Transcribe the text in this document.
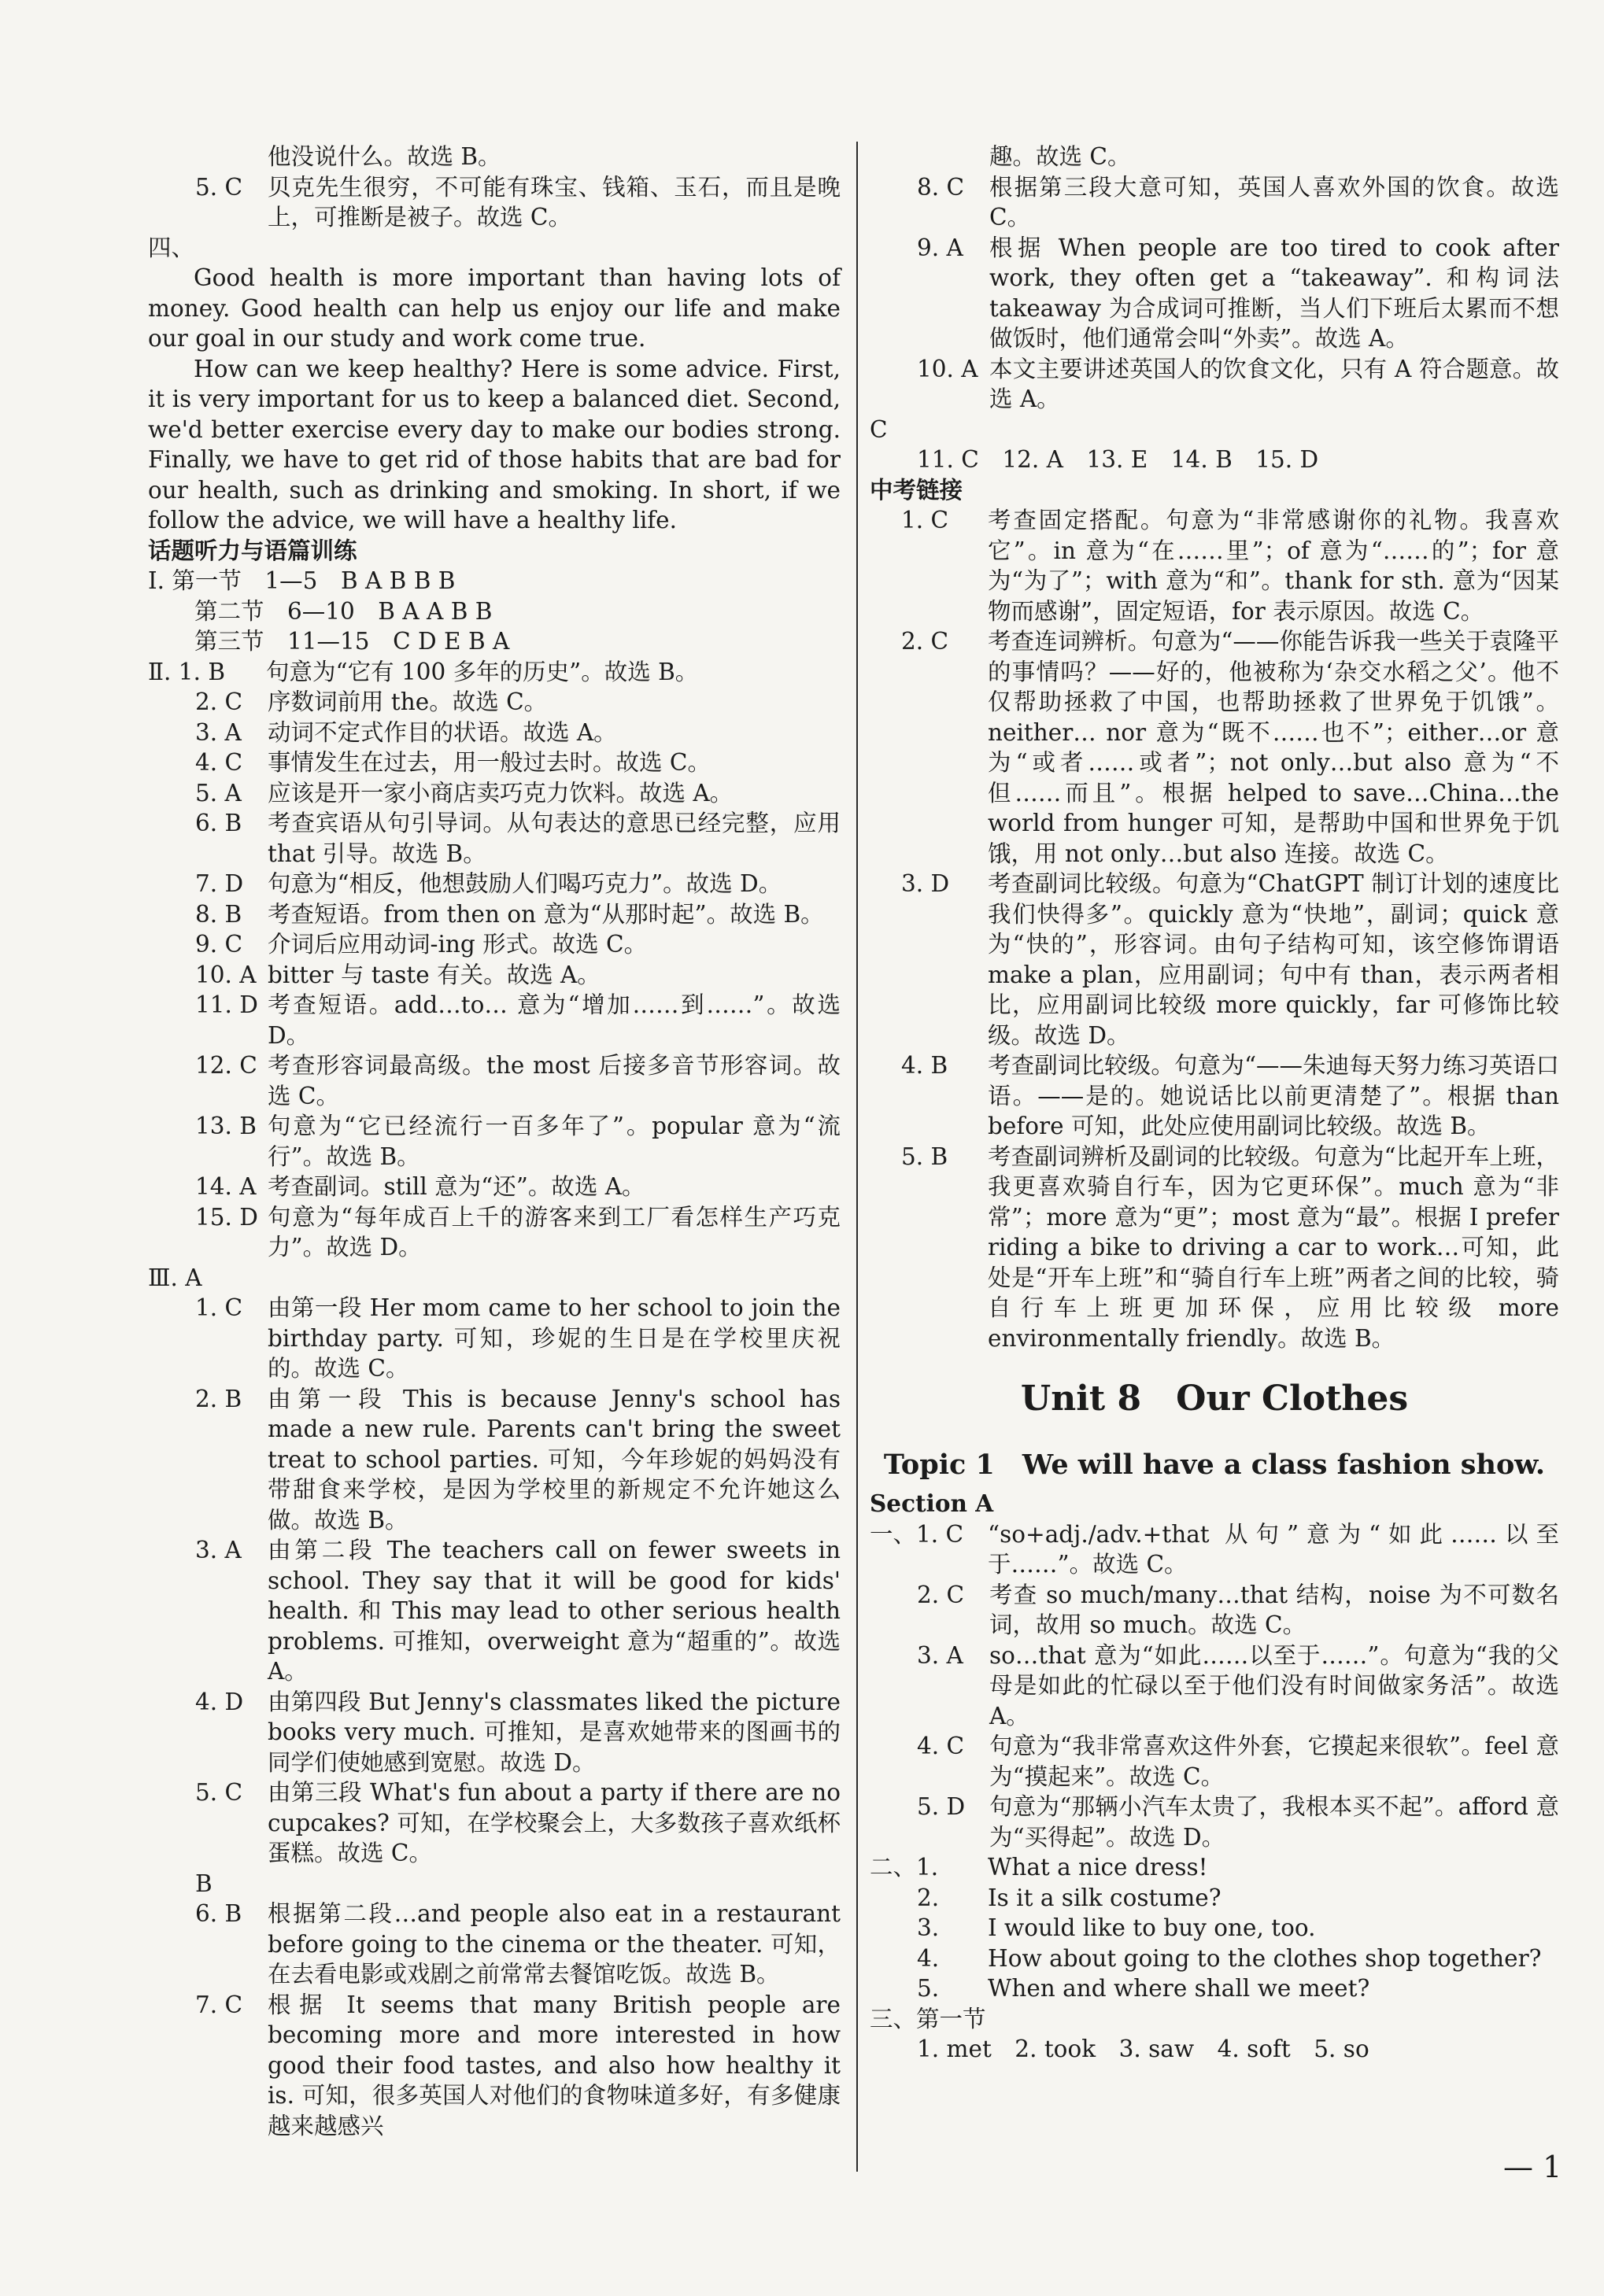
他没说什么。故选 B。
5. C	贝克先生很穷，不可能有珠宝、钱箱、玉石，而且是晚上，可推断是被子。故选 C。
四、
Good health is more important than having lots of money. Good health can help us enjoy our life and make our goal in our study and work come true.
How can we keep healthy? Here is some advice. First, it is very important for us to keep a balanced diet. Second, we'd better exercise every day to make our bodies strong. Finally, we have to get rid of those habits that are bad for our health, such as drinking and smoking. In short, if we follow the advice, we will have a healthy life.
话题听力与语篇训练
Ⅰ. 第一节　1—5　B A B B B
　　第二节　6—10　B A A B B
　　第三节　11—15　C D E B A
Ⅱ. 1. B	句意为“它有 100 多年的历史”。故选 B。
2. C	序数词前用 the。故选 C。
3. A	动词不定式作目的状语。故选 A。
4. C	事情发生在过去，用一般过去时。故选 C。
5. A	应该是开一家小商店卖巧克力饮料。故选 A。
6. B	考查宾语从句引导词。从句表达的意思已经完整，应用 that 引导。故选 B。
7. D	句意为“相反，他想鼓励人们喝巧克力”。故选 D。
8. B	考查短语。from then on 意为“从那时起”。故选 B。
9. C	介词后应用动词-ing 形式。故选 C。
10. A bitter 与 taste 有关。故选 A。
11. D 考查短语。add…to… 意为“增加……到……”。故选 D。
12. C 考查形容词最高级。the most 后接多音节形容词。故选 C。
13. B 句意为“它已经流行一百多年了”。popular 意为“流行”。故选 B。
14. A 考查副词。still 意为“还”。故选 A。
15. D 句意为“每年成百上千的游客来到工厂看怎样生产巧克力”。故选 D。
Ⅲ. A
1. C	由第一段 Her mom came to her school to join the birthday party. 可知，珍妮的生日是在学校里庆祝的。故选 C。
2. B	由第一段 This is because Jenny's school has made a new rule. Parents can't bring the sweet treat to school parties. 可知，今年珍妮的妈妈没有带甜食来学校，是因为学校里的新规定不允许她这么做。故选 B。
3. A	由第二段 The teachers call on fewer sweets in school. They say that it will be good for kids' health. 和 This may lead to other serious health problems. 可推知，overweight 意为“超重的”。故选 A。
4. D	由第四段 But Jenny's classmates liked the picture books very much. 可推知，是喜欢她带来的图画书的同学们使她感到宽慰。故选 D。
5. C	由第三段 What's fun about a party if there are no cupcakes? 可知，在学校聚会上，大多数孩子喜欢纸杯蛋糕。故选 C。
B
6. B	根据第二段…and people also eat in a restaurant before going to the cinema or the theater. 可知，在去看电影或戏剧之前常常去餐馆吃饭。故选 B。
7. C	根据 It seems that many British people are becoming more and more interested in how good their food tastes, and also how healthy it is. 可知，很多英国人对他们的食物味道多好，有多健康越来越感兴
趣。故选 C。
8. C	根据第三段大意可知，英国人喜欢外国的饮食。故选 C。
9. A	根据 When people are too tired to cook after work, they often get a “takeaway”. 和构词法 takeaway 为合成词可推断，当人们下班后太累而不想做饭时，他们通常会叫“外卖”。故选 A。
10. A 本文主要讲述英国人的饮食文化，只有 A 符合题意。故选 A。
C
11. C　12. A　13. E　14. B　15. D
中考链接
1. C	考查固定搭配。句意为“非常感谢你的礼物。我喜欢它”。in 意为“在……里”；of 意为“……的”；for 意为“为了”；with 意为“和”。thank for sth. 意为“因某物而感谢”，固定短语，for 表示原因。故选 C。
2. C	考查连词辨析。句意为“——你能告诉我一些关于袁隆平的事情吗？——好的，他被称为‘杂交水稻之父’。他不仅帮助拯救了中国，也帮助拯救了世界免于饥饿”。neither… nor 意为“既不……也不”；either…or 意为“或者……或者”；not only…but also 意为“不但……而且”。根据 helped to save…China…the world from hunger 可知，是帮助中国和世界免于饥饿，用 not only…but also 连接。故选 C。
3. D	考查副词比较级。句意为“ChatGPT 制订计划的速度比我们快得多”。quickly 意为“快地”，副词；quick 意为“快的”，形容词。由句子结构可知，该空修饰谓语 make a plan，应用副词；句中有 than，表示两者相比，应用副词比较级 more quickly，far 可修饰比较级。故选 D。
4. B	考查副词比较级。句意为“——朱迪每天努力练习英语口语。——是的。她说话比以前更清楚了”。根据 than before 可知，此处应使用副词比较级。故选 B。
5. B	考查副词辨析及副词的比较级。句意为“比起开车上班，我更喜欢骑自行车，因为它更环保”。much 意为“非常”；more 意为“更”；most 意为“最”。根据 I prefer riding a bike to driving a car to work…可知，此处是“开车上班”和“骑自行车上班”两者之间的比较，骑自行车上班更加环保，应用比较级 more environmentally friendly。故选 B。
Unit 8　Our Clothes
Topic 1　We will have a class fashion show.
Section A
一、1. C	“so+adj./adv.+that 从句”意为“如此……以至于……”。故选 C。
2. C	考查 so much/many…that 结构，noise 为不可数名词，故用 so much。故选 C。
3. A	so…that 意为“如此……以至于……”。句意为“我的父母是如此的忙碌以至于他们没有时间做家务活”。故选 A。
4. C	句意为“我非常喜欢这件外套，它摸起来很软”。feel 意为“摸起来”。故选 C。
5. D	句意为“那辆小汽车太贵了，我根本买不起”。afford 意为“买得起”。故选 D。
二、1.	What a nice dress!
2.	Is it a silk costume?
3.	I would like to buy one, too.
4.	How about going to the clothes shop together?
5.	When and where shall we meet?
三、第一节
1. met　2. took　3. saw　4. soft　5. so
— 1
